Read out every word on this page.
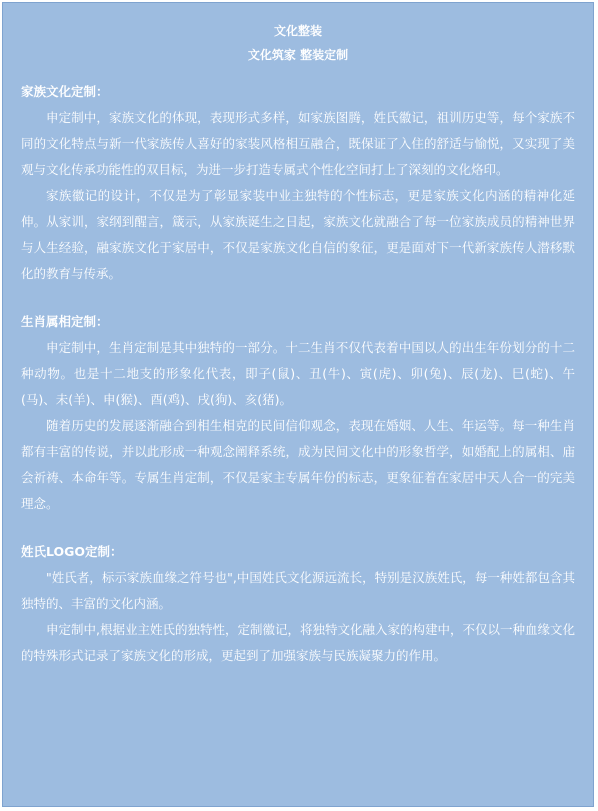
文化整装

文化筑家 整装定制

家族文化定制：

申定制中，家族文化的体现，表现形式多样，如家族图腾，姓氏徽记，祖训历史等，每个家族不同的文化特点与新一代家族传人喜好的家装风格相互融合，既保证了入住的舒适与愉悦，又实现了美观与文化传承功能性的双目标，为进一步打造专属式个性化空间打上了深刻的文化烙印。

家族徽记的设计，不仅是为了彰显家装中业主独特的个性标志，更是家族文化内涵的精神化延伸。从家训，家纲到醒言，箴示，从家族诞生之日起，家族文化就融合了每一位家族成员的精神世界与人生经验，融家族文化于家居中，不仅是家族文化自信的象征，更是面对下一代新家族传人潜移默化的教育与传承。

生肖属相定制：

申定制中，生肖定制是其中独特的一部分。十二生肖不仅代表着中国以人的出生年份划分的十二种动物。也是十二地支的形象化代表，即子(鼠)、丑(牛)、寅(虎)、卯(兔)、辰(龙)、巳(蛇)、午(马)、未(羊)、申(猴)、酉(鸡)、戌(狗)、亥(猪)。

随着历史的发展逐渐融合到相生相克的民间信仰观念，表现在婚姻、人生、年运等。每一种生肖都有丰富的传说，并以此形成一种观念阐释系统，成为民间文化中的形象哲学，如婚配上的属相、庙会祈祷、本命年等。专属生肖定制，不仅是家主专属年份的标志，更象征着在家居中天人合一的完美理念。

姓氏LOGO定制：

"姓氏者，标示家族血缘之符号也",中国姓氏文化源远流长，特别是汉族姓氏，每一种姓都包含其独特的、丰富的文化内涵。

申定制中,根据业主姓氏的独特性，定制徽记，将独特文化融入家的构建中，不仅以一种血缘文化的特殊形式记录了家族文化的形成，更起到了加强家族与民族凝聚力的作用。
